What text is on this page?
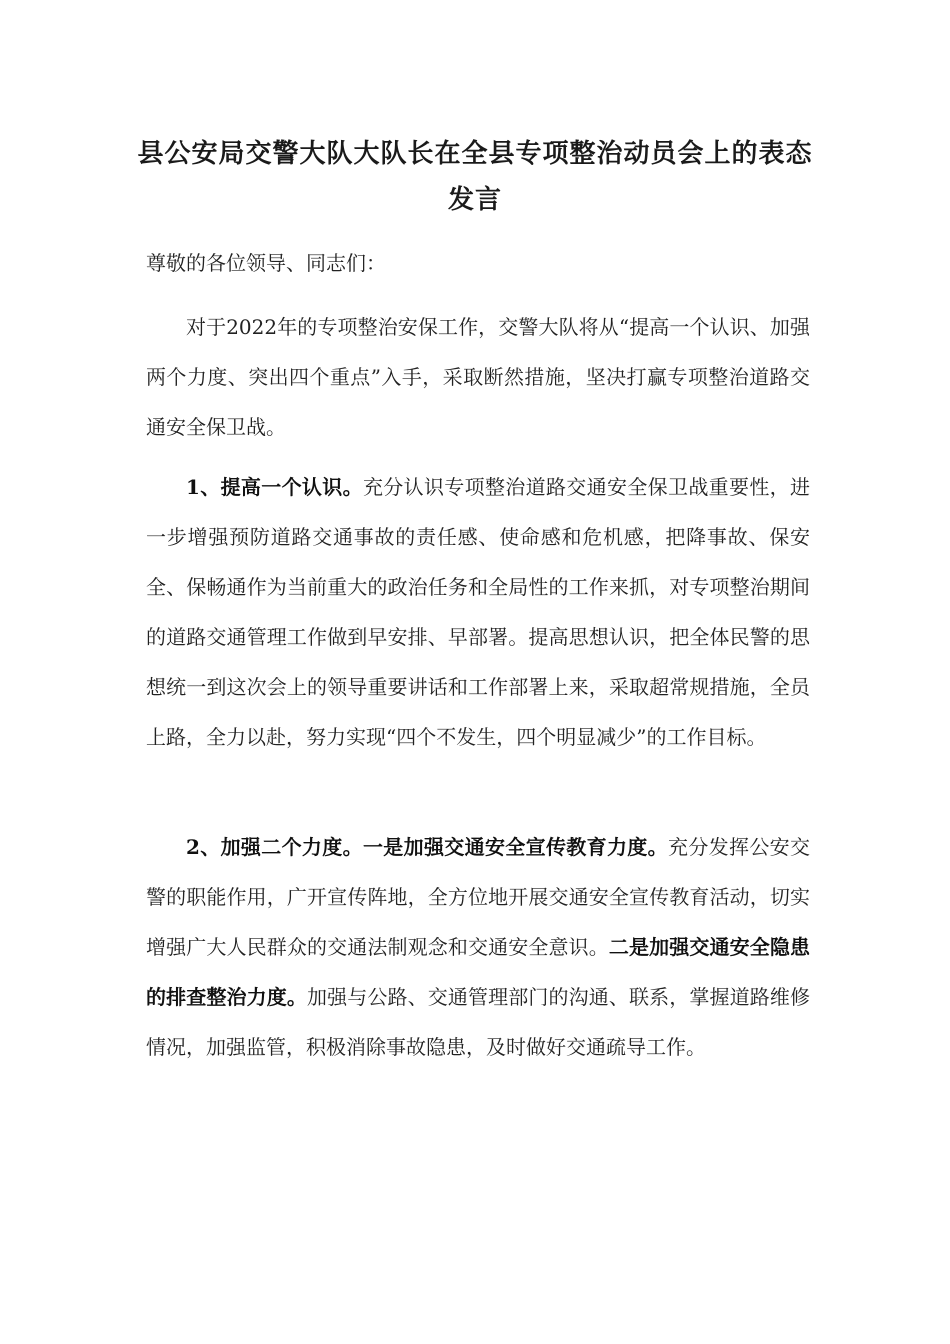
县公安局交警大队大队长在全县专项整治动员会上的表态
发言
尊敬的各位领导、同志们：

对于2022年的专项整治安保工作，交警大队将从“提高一个认识、加强两个力度、突出四个重点”入手，采取断然措施，坚决打赢专项整治道路交通安全保卫战。

1、提高一个认识。充分认识专项整治道路交通安全保卫战重要性，进一步增强预防道路交通事故的责任感、使命感和危机感，把降事故、保安全、保畅通作为当前重大的政治任务和全局性的工作来抓，对专项整治期间的道路交通管理工作做到早安排、早部署。提高思想认识，把全体民警的思想统一到这次会上的领导重要讲话和工作部署上来，采取超常规措施，全员上路，全力以赴，努力实现“四个不发生，四个明显减少”的工作目标。

2、加强二个力度。一是加强交通安全宣传教育力度。充分发挥公安交警的职能作用，广开宣传阵地，全方位地开展交通安全宣传教育活动，切实增强广大人民群众的交通法制观念和交通安全意识。二是加强交通安全隐患的排查整治力度。加强与公路、交通管理部门的沟通、联系，掌握道路维修情况，加强监管，积极消除事故隐患，及时做好交通疏导工作。
